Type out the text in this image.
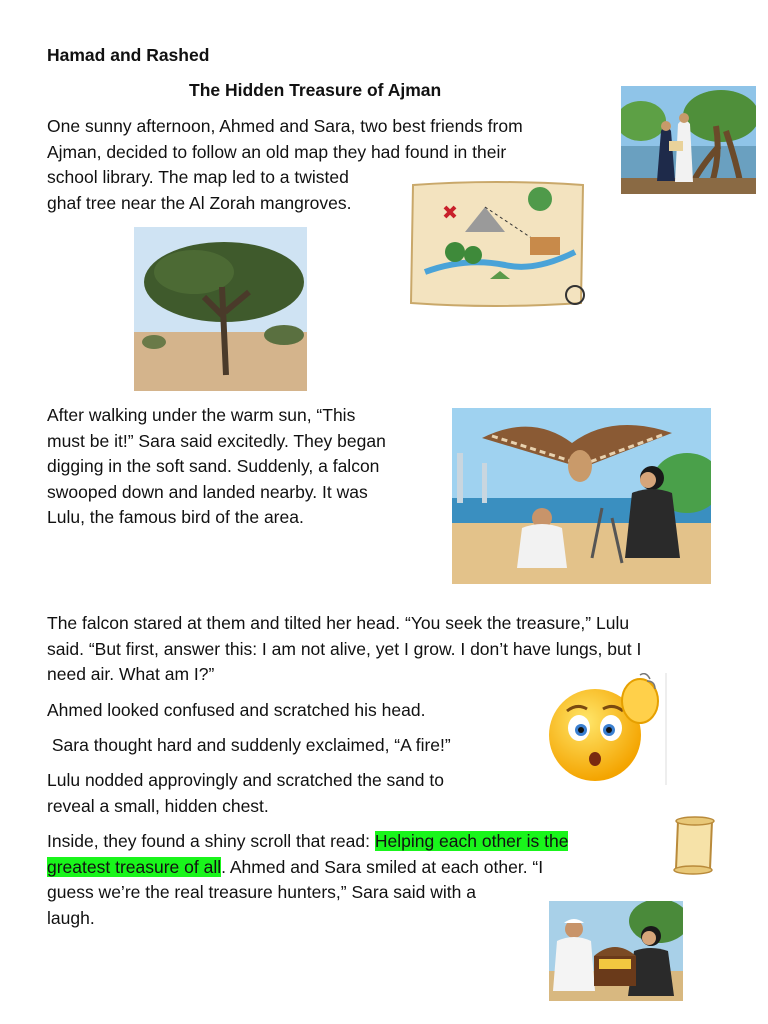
Hamad and Rashed
The Hidden Treasure of Ajman
One sunny afternoon, Ahmed and Sara, two best friends from
Ajman, decided to follow an old map they had found in their
school library. The map led to a twisted
ghaf tree near the Al Zorah mangroves.
After walking under the warm sun, “This
must be it!” Sara said excitedly. They began
digging in the soft sand. Suddenly, a falcon
swooped down and landed nearby. It was
Lulu, the famous bird of the area.
The falcon stared at them and tilted her head. “You seek the treasure,” Lulu
said. “But first, answer this: I am not alive, yet I grow. I don’t have lungs, but I
need air. What am I?”
Ahmed looked confused and scratched his head.
Sara thought hard and suddenly exclaimed, “A fire!”
Lulu nodded approvingly and scratched the sand to
reveal a small, hidden chest.
Inside, they found a shiny scroll that read: Helping each other is the
greatest treasure of all. Ahmed and Sara smiled at each other. “I
guess we’re the real treasure hunters,” Sara said with a
laugh.
